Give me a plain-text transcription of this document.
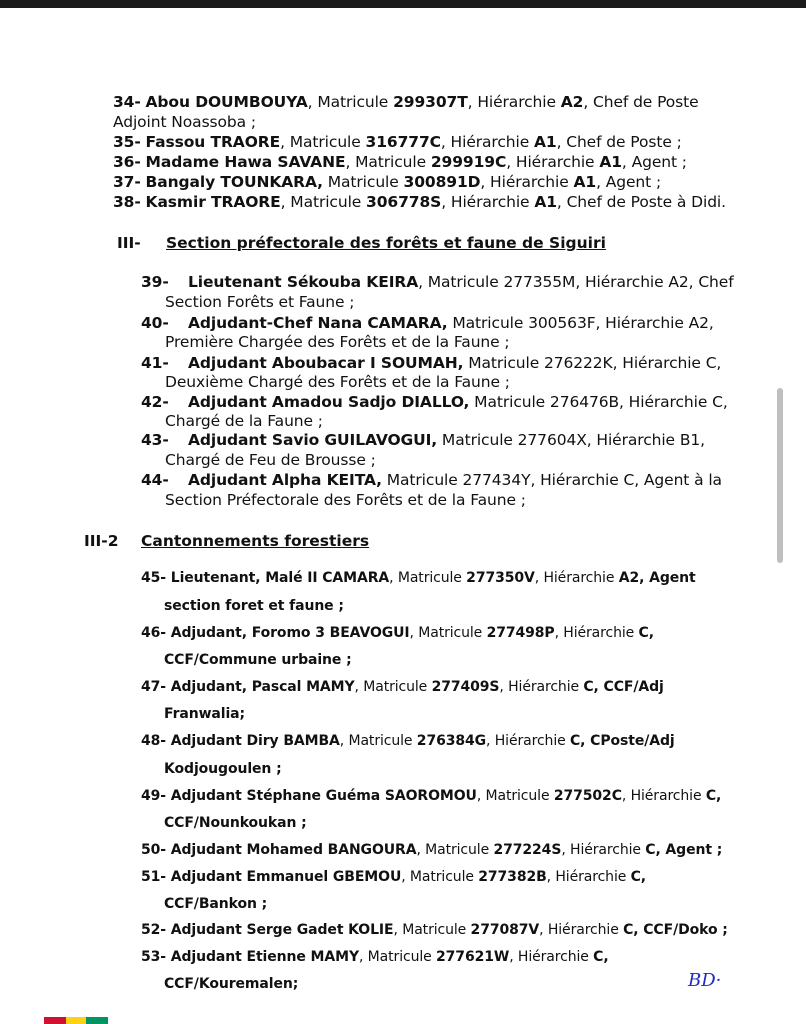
34- Abou DOUMBOUYA, Matricule 299307T, Hiérarchie A2, Chef de Poste
Adjoint Noassoba ;
35- Fassou TRAORE, Matricule 316777C, Hiérarchie A1, Chef de Poste ;
36- Madame Hawa SAVANE, Matricule 299919C, Hiérarchie A1, Agent ;
37- Bangaly TOUNKARA, Matricule 300891D, Hiérarchie A1, Agent ;
38- Kasmir TRAORE, Matricule 306778S, Hiérarchie A1, Chef de Poste à Didi.
III- Section préfectorale des forêts et faune de Siguiri
39- Lieutenant Sékouba KEIRA, Matricule 277355M, Hiérarchie A2, Chef
Section Forêts et Faune ;
40- Adjudant-Chef Nana CAMARA, Matricule 300563F, Hiérarchie A2,
Première Chargée des Forêts et de la Faune ;
41- Adjudant Aboubacar I SOUMAH, Matricule 276222K, Hiérarchie C,
Deuxième Chargé des Forêts et de la Faune ;
42- Adjudant Amadou Sadjo DIALLO, Matricule 276476B, Hiérarchie C,
Chargé de la Faune ;
43- Adjudant Savio GUILAVOGUI, Matricule 277604X, Hiérarchie B1,
Chargé de Feu de Brousse ;
44- Adjudant Alpha KEITA, Matricule 277434Y, Hiérarchie C, Agent à la
Section Préfectorale des Forêts et de la Faune ;
III-2 Cantonnements forestiers
45- Lieutenant, Malé II CAMARA, Matricule 277350V, Hiérarchie A2, Agent
section foret et faune ;
46- Adjudant, Foromo 3 BEAVOGUI, Matricule 277498P, Hiérarchie C,
CCF/Commune urbaine ;
47- Adjudant, Pascal MAMY, Matricule 277409S, Hiérarchie C, CCF/Adj
Franwalia;
48- Adjudant Diry BAMBA, Matricule 276384G, Hiérarchie C, CPoste/Adj
Kodjougoulen ;
49- Adjudant Stéphane Guéma SAOROMOU, Matricule 277502C, Hiérarchie C,
CCF/Nounkoukan ;
50- Adjudant Mohamed BANGOURA, Matricule 277224S, Hiérarchie C, Agent ;
51- Adjudant Emmanuel GBEMOU, Matricule 277382B, Hiérarchie C,
CCF/Bankon ;
52- Adjudant Serge Gadet KOLIE, Matricule 277087V, Hiérarchie C, CCF/Doko ;
53- Adjudant Etienne MAMY, Matricule 277621W, Hiérarchie C,
CCF/Kouremalen;	BD·
